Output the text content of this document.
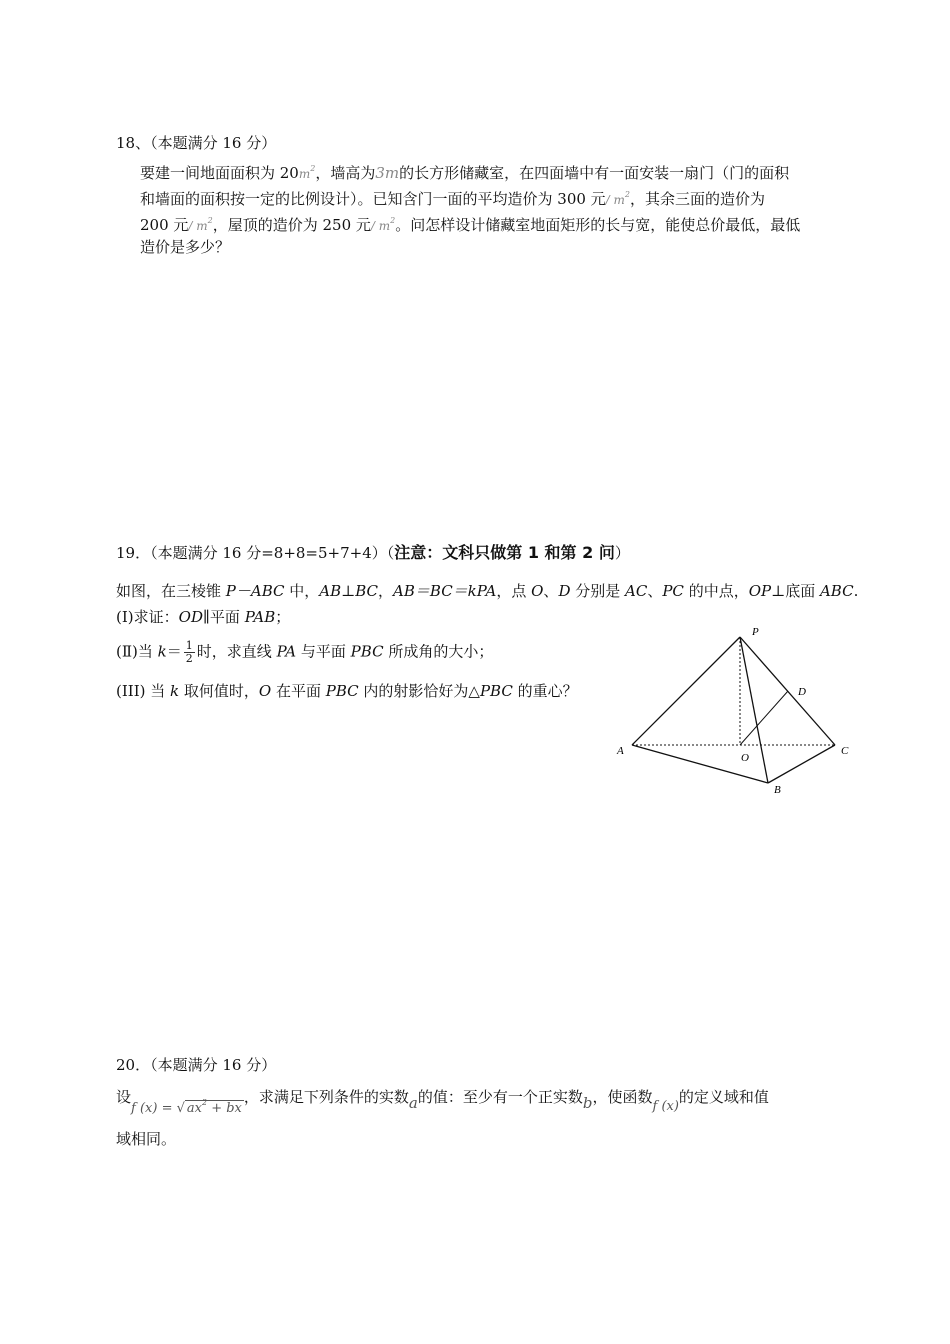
18、（本题满分 16 分）
要建一间地面面积为 $20m^2$，墙高为3m的长方形储藏室，在四面墙中有一面安装一扇门（门的面积
和墙面的面积按一定的比例设计）。已知含门一面的平均造价为 300 元/ $m^2$，其余三面的造价为
200 元/ $m^2$，屋顶的造价为 250 元/ $m^2$。问怎样设计储藏室地面矩形的长与宽，能使总价最低，最低
造价是多少？
19．（本题满分 16 分=8+8=5+7+4）（注意：文科只做第 1 和第 2 问）
如图，在三棱锥 P－ABC 中，AB⊥BC，AB＝BC＝kPA，点 O、D 分别是 AC、PC 的中点，OP⊥底面 ABC.
(Ⅰ)求证：OD∥平面 PAB；
(Ⅱ)当 $k= \frac{1}{2}$ 时，求直线 PA 与平面 PBC 所成角的大小；
(III) 当 k 取何值时，O 在平面 PBC 内的射影恰好为△PBC 的重心？
P
D
A
O
C
B
20．（本题满分 16 分）
设f (x) = √ $ax^2$ + bx，求满足下列条件的实数a的值：至少有一个正实数b，使函数f (x)的定义域和值
域相同。
